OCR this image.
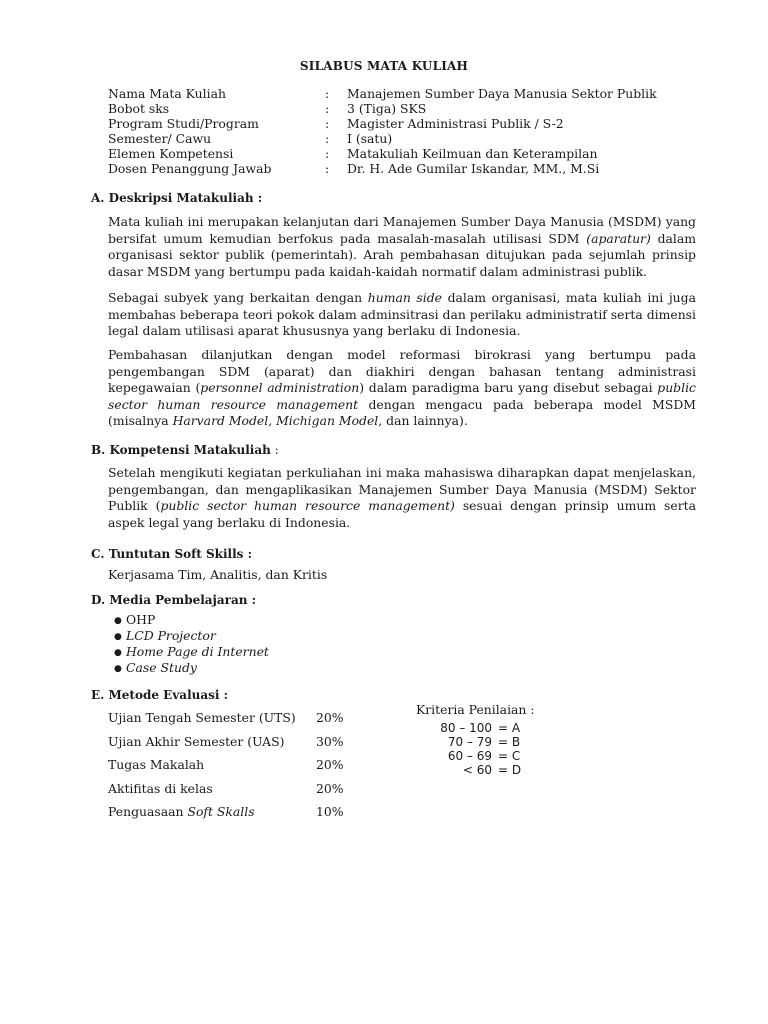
SILABUS MATA KULIAH
Nama Mata Kuliah	: Manajemen Sumber Daya Manusia Sektor Publik
Bobot sks	: 3 (Tiga) SKS
Program Studi/Program	: Magister Administrasi Publik / S-2
Semester/ Cawu	: I (satu)
Elemen Kompetensi	: Matakuliah Keilmuan dan Keterampilan
Dosen Penanggung Jawab	: Dr. H. Ade Gumilar Iskandar, MM., M.Si
A. Deskripsi Matakuliah :
Mata kuliah ini merupakan kelanjutan dari Manajemen Sumber Daya Manusia (MSDM) yang bersifat umum kemudian berfokus pada masalah-masalah utilisasi SDM (aparatur) dalam organisasi sektor publik (pemerintah). Arah pembahasan ditujukan pada sejumlah prinsip dasar MSDM yang bertumpu pada kaidah-kaidah normatif dalam administrasi publik.
Sebagai subyek yang berkaitan dengan human side dalam organisasi, mata kuliah ini juga membahas beberapa teori pokok dalam adminsitrasi dan perilaku administratif serta dimensi legal dalam utilisasi aparat khususnya yang berlaku di Indonesia.
Pembahasan dilanjutkan dengan model reformasi birokrasi yang bertumpu pada pengembangan SDM (aparat) dan diakhiri dengan bahasan tentang administrasi kepegawaian (personnel administration) dalam paradigma baru yang disebut sebagai public sector human resource management dengan mengacu pada beberapa model MSDM (misalnya Harvard Model, Michigan Model, dan lainnya).
B. Kompetensi Matakuliah :
Setelah mengikuti kegiatan perkuliahan ini maka mahasiswa diharapkan dapat menjelaskan, pengembangan, dan mengaplikasikan Manajemen Sumber Daya Manusia (MSDM) Sektor Publik (public sector human resource management) sesuai dengan prinsip umum serta aspek legal yang berlaku di Indonesia.
C. Tuntutan Soft Skills :
Kerjasama Tim, Analitis, dan Kritis
D. Media Pembelajaran :
● OHP
● LCD Projector
● Home Page di Internet
● Case Study
E. Metode Evaluasi :
Ujian Tengah Semester (UTS) 20%
Ujian Akhir Semester (UAS)	30%
Tugas Makalah	20%
Aktifitas di kelas	20%
Penguasaan Soft Skalls	10%
Kriteria Penilaian :
80 – 100 = A
70 – 79 = B
60 – 69 = C
< 60 = D
